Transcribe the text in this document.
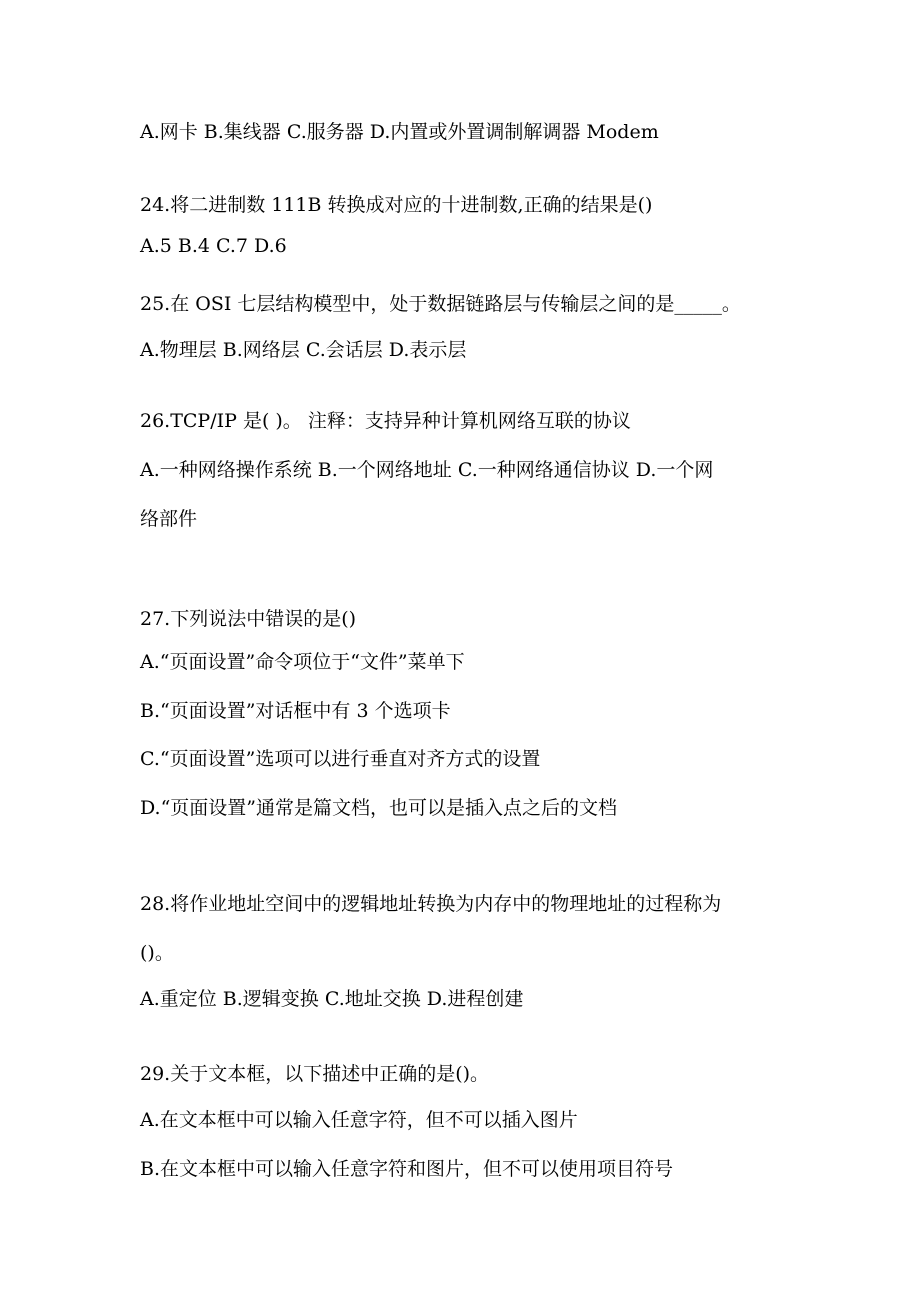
A.网卡 B.集线器 C.服务器 D.内置或外置调制解调器 Modem
24.将二进制数 111B 转换成对应的十进制数,正确的结果是()
A.5 B.4 C.7 D.6
25.在 OSI 七层结构模型中，处于数据链路层与传输层之间的是_____。
A.物理层 B.网络层 C.会话层 D.表示层
26.TCP/IP 是( )。 注释：支持异种计算机网络互联的协议
A.一种网络操作系统 B.一个网络地址 C.一种网络通信协议 D.一个网
络部件
27.下列说法中错误的是()
A.“页面设置”命令项位于“文件”菜单下
B.“页面设置”对话框中有 3 个选项卡
C.“页面设置”选项可以进行垂直对齐方式的设置
D.“页面设置”通常是篇文档，也可以是插入点之后的文档
28.将作业地址空间中的逻辑地址转换为内存中的物理地址的过程称为
()。
A.重定位 B.逻辑变换 C.地址交换 D.进程创建
29.关于文本框，以下描述中正确的是()。
A.在文本框中可以输入任意字符，但不可以插入图片
B.在文本框中可以输入任意字符和图片，但不可以使用项目符号
